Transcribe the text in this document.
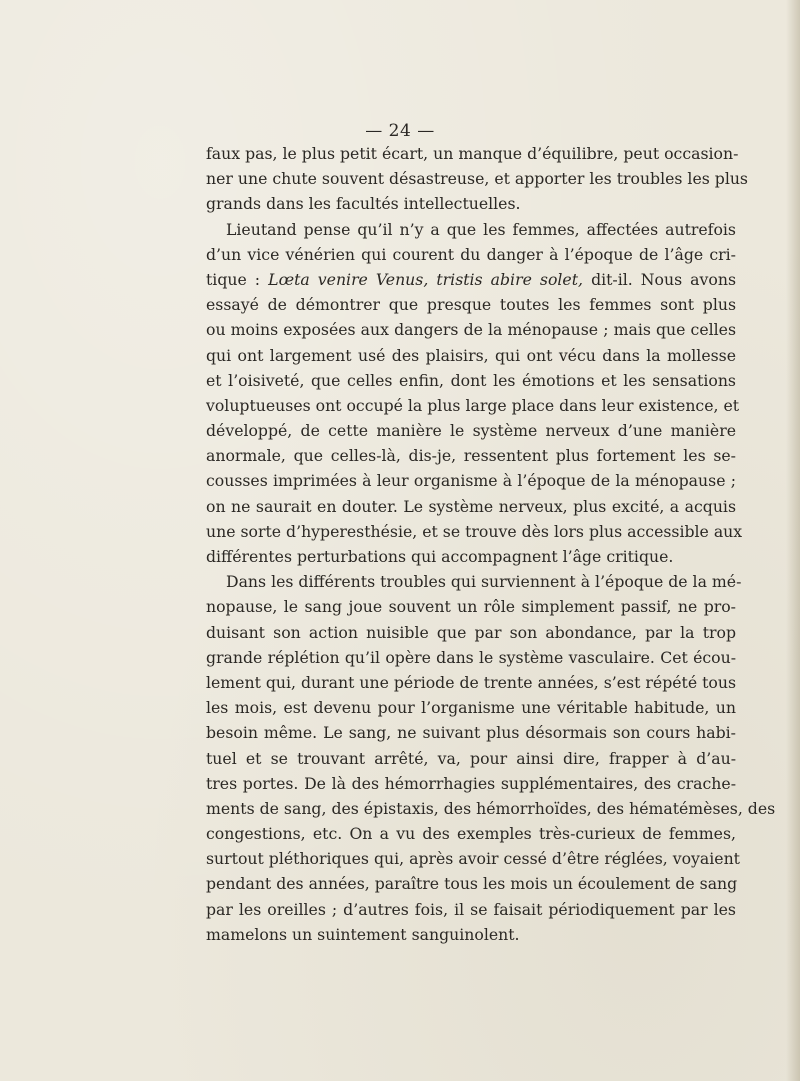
— 24 —
faux pas, le plus petit écart, un manque d’équilibre, peut occasion-
ner une chute souvent désastreuse, et apporter les troubles les plus
grands dans les facultés intellectuelles.
Lieutand pense qu’il n’y a que les femmes, affectées autrefois
d’un vice vénérien qui courent du danger à l’époque de l’âge cri-
tique : Lœta venire Venus, tristis abire solet, dit-il. Nous avons
essayé de démontrer que presque toutes les femmes sont plus
ou moins exposées aux dangers de la ménopause ; mais que celles
qui ont largement usé des plaisirs, qui ont vécu dans la mollesse
et l’oisiveté, que celles enfin, dont les émotions et les sensations
voluptueuses ont occupé la plus large place dans leur existence, et
développé, de cette manière le système nerveux d’une manière
anormale, que celles-là, dis-je, ressentent plus fortement les se-
cousses imprimées à leur organisme à l’époque de la ménopause ;
on ne saurait en douter. Le système nerveux, plus excité, a acquis
une sorte d’hyperesthésie, et se trouve dès lors plus accessible aux
différentes perturbations qui accompagnent l’âge critique.
Dans les différents troubles qui surviennent à l’époque de la mé-
nopause, le sang joue souvent un rôle simplement passif, ne pro-
duisant son action nuisible que par son abondance, par la trop
grande réplétion qu’il opère dans le système vasculaire. Cet écou-
lement qui, durant une période de trente années, s’est répété tous
les mois, est devenu pour l’organisme une véritable habitude, un
besoin même. Le sang, ne suivant plus désormais son cours habi-
tuel et se trouvant arrêté, va, pour ainsi dire, frapper à d’au-
tres portes. De là des hémorrhagies supplémentaires, des crache-
ments de sang, des épistaxis, des hémorrhoïdes, des hématémèses, des
congestions, etc. On a vu des exemples très-curieux de femmes,
surtout pléthoriques qui, après avoir cessé d’être réglées, voyaient
pendant des années, paraître tous les mois un écoulement de sang
par les oreilles ; d’autres fois, il se faisait périodiquement par les
mamelons un suintement sanguinolent.
